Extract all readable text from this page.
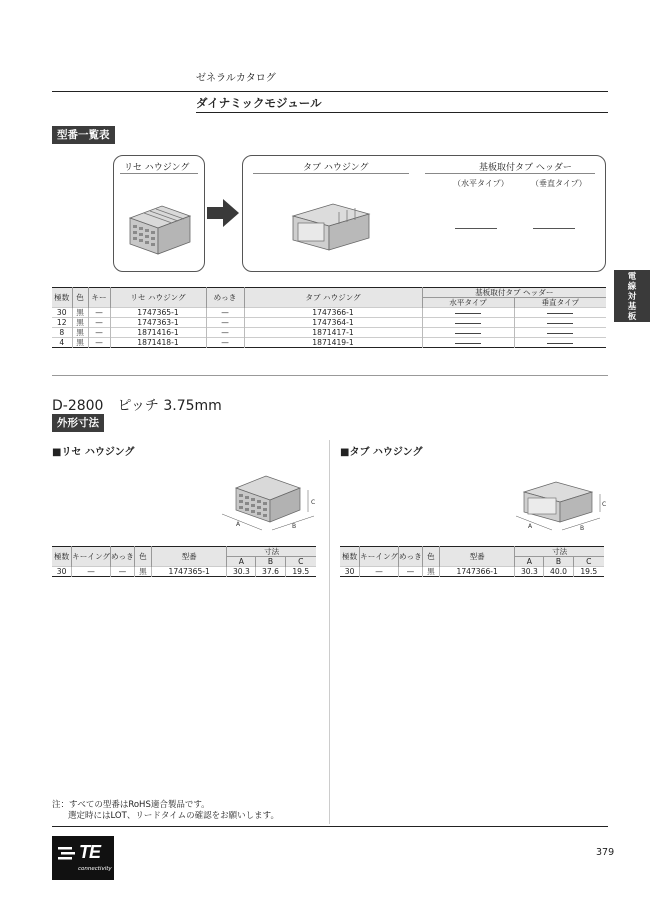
ゼネラルカタログ
ダイナミックモジュール
型番一覧表
リセ ハウジング	タブ ハウジング	基板取付タブ ヘッダー
（水平タイプ）	（垂直タイプ）
極数	色	キー	リセ ハウジング	めっき	タブ ハウジング	基板取付タブ ヘッダー	
						水平タイプ	垂直タイプ
30	黒	—	1747365-1	—	1747366-1		
12	黒	—	1747363-1	—	1747364-1		
8	黒	—	1871416-1	—	1871417-1		
4	黒	—	1871418-1	—	1871419-1		
電
線
対
基
板
D-2800　ピッチ 3.75mm
外形寸法
■リセ ハウジング
A	B
C
極数	キーイング	めっき	色	型番	寸法		
					A	B	C
30	—	—	黒	1747365-1	30.3	37.6	19.5
■タブ ハウジング
A	B
C
極数	キーイング	めっき	色	型番	寸法		
					A	B	C
30	—	—	黒	1747366-1	30.3	40.0	19.5
注：すべての型番はRoHS適合製品です。
選定時にはLOT、リードタイムの確認をお願いします。
TE
connectivity
379
